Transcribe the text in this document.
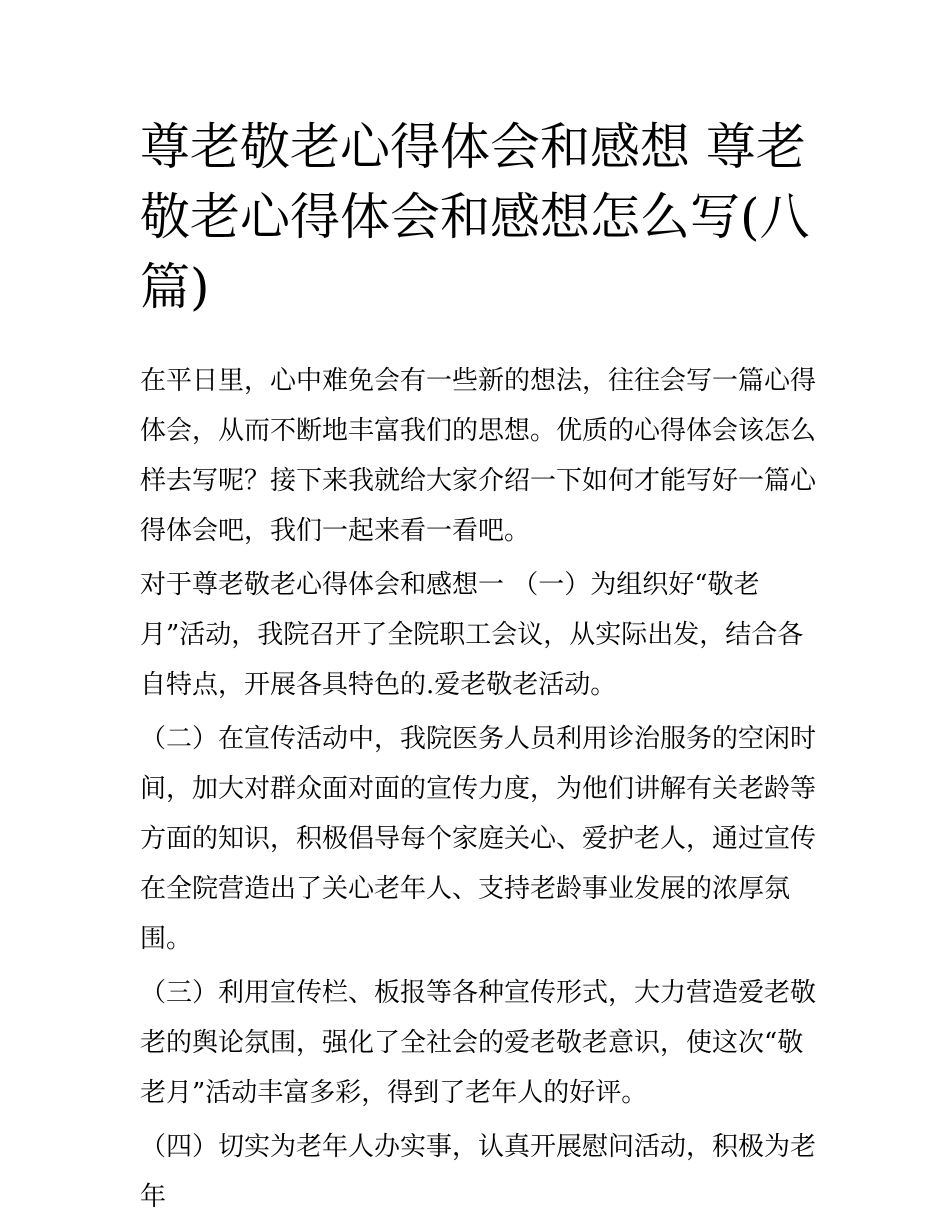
尊老敬老心得体会和感想 尊老敬老心得体会和感想怎么写(八篇)

在平日里，心中难免会有一些新的想法，往往会写一篇心得体会，从而不断地丰富我们的思想。优质的心得体会该怎么样去写呢？接下来我就给大家介绍一下如何才能写好一篇心得体会吧，我们一起来看一看吧。

对于尊老敬老心得体会和感想一 （一）为组织好“敬老月”活动，我院召开了全院职工会议，从实际出发，结合各自特点，开展各具特色的.爱老敬老活动。

（二）在宣传活动中，我院医务人员利用诊治服务的空闲时间，加大对群众面对面的宣传力度，为他们讲解有关老龄等方面的知识，积极倡导每个家庭关心、爱护老人，通过宣传在全院营造出了关心老年人、支持老龄事业发展的浓厚氛围。

（三）利用宣传栏、板报等各种宣传形式，大力营造爱老敬老的舆论氛围，强化了全社会的爱老敬老意识，使这次“敬老月”活动丰富多彩，得到了老年人的好评。

（四）切实为老年人办实事，认真开展慰问活动，积极为老年
